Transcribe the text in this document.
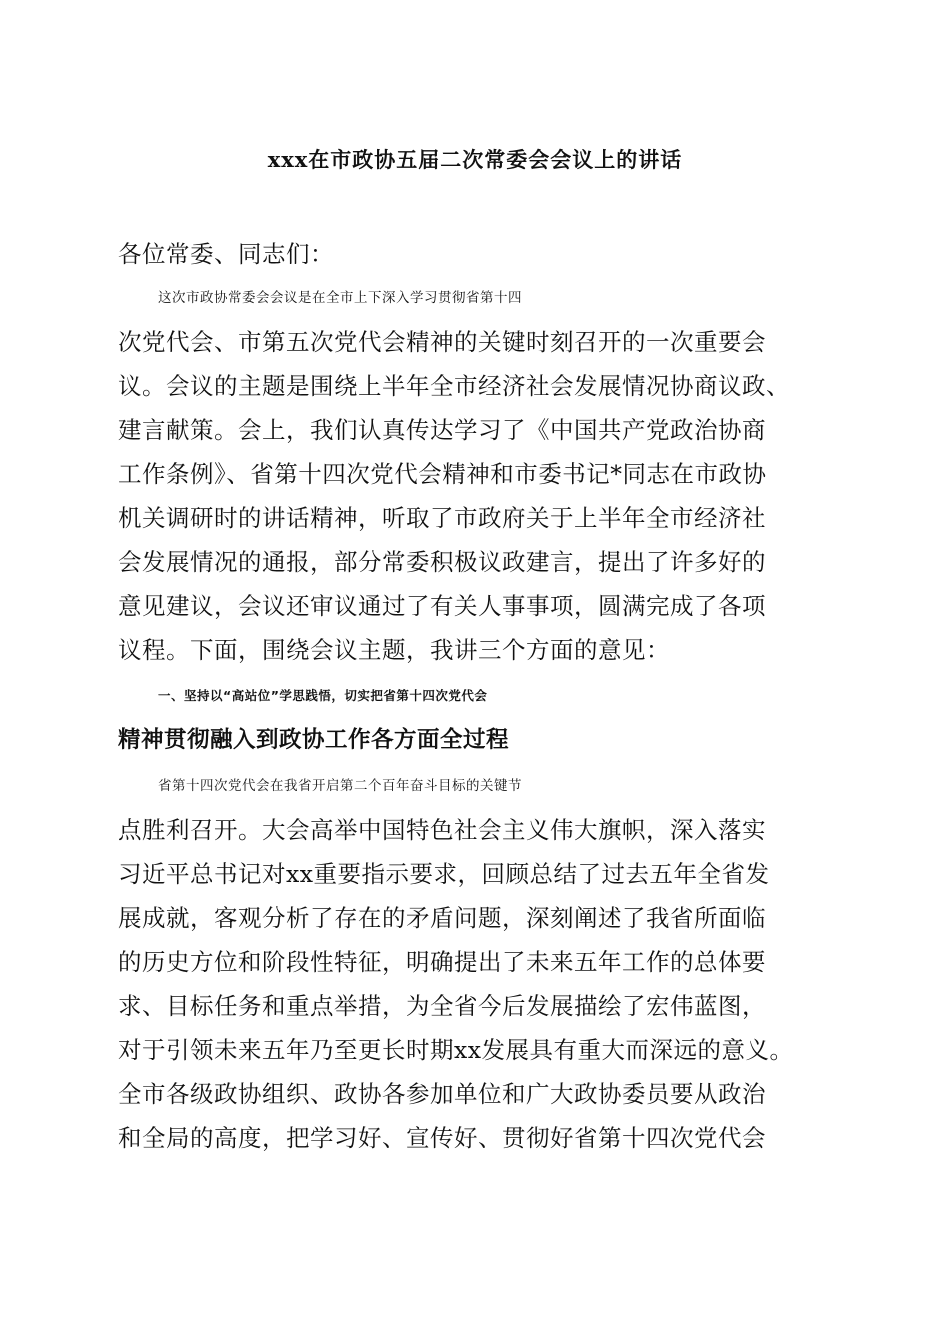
xxx在市政协五届二次常委会会议上的讲话
各位常委、同志们：
这次市政协常委会会议是在全市上下深入学习贯彻省第十四
次党代会、市第五次党代会精神的关键时刻召开的一次重要会
议。会议的主题是围绕上半年全市经济社会发展情况协商议政、
建言献策。会上，我们认真传达学习了《中国共产党政治协商
工作条例》、省第十四次党代会精神和市委书记*同志在市政协
机关调研时的讲话精神，听取了市政府关于上半年全市经济社
会发展情况的通报，部分常委积极议政建言，提出了许多好的
意见建议，会议还审议通过了有关人事事项，圆满完成了各项
议程。下面，围绕会议主题，我讲三个方面的意见：
一、坚持以“高站位”学思践悟，切实把省第十四次党代会
精神贯彻融入到政协工作各方面全过程
省第十四次党代会在我省开启第二个百年奋斗目标的关键节
点胜利召开。大会高举中国特色社会主义伟大旗帜，深入落实
习近平总书记对xx重要指示要求，回顾总结了过去五年全省发
展成就，客观分析了存在的矛盾问题，深刻阐述了我省所面临
的历史方位和阶段性特征，明确提出了未来五年工作的总体要
求、目标任务和重点举措，为全省今后发展描绘了宏伟蓝图，
对于引领未来五年乃至更长时期xx发展具有重大而深远的意义。
全市各级政协组织、政协各参加单位和广大政协委员要从政治
和全局的高度，把学习好、宣传好、贯彻好省第十四次党代会
